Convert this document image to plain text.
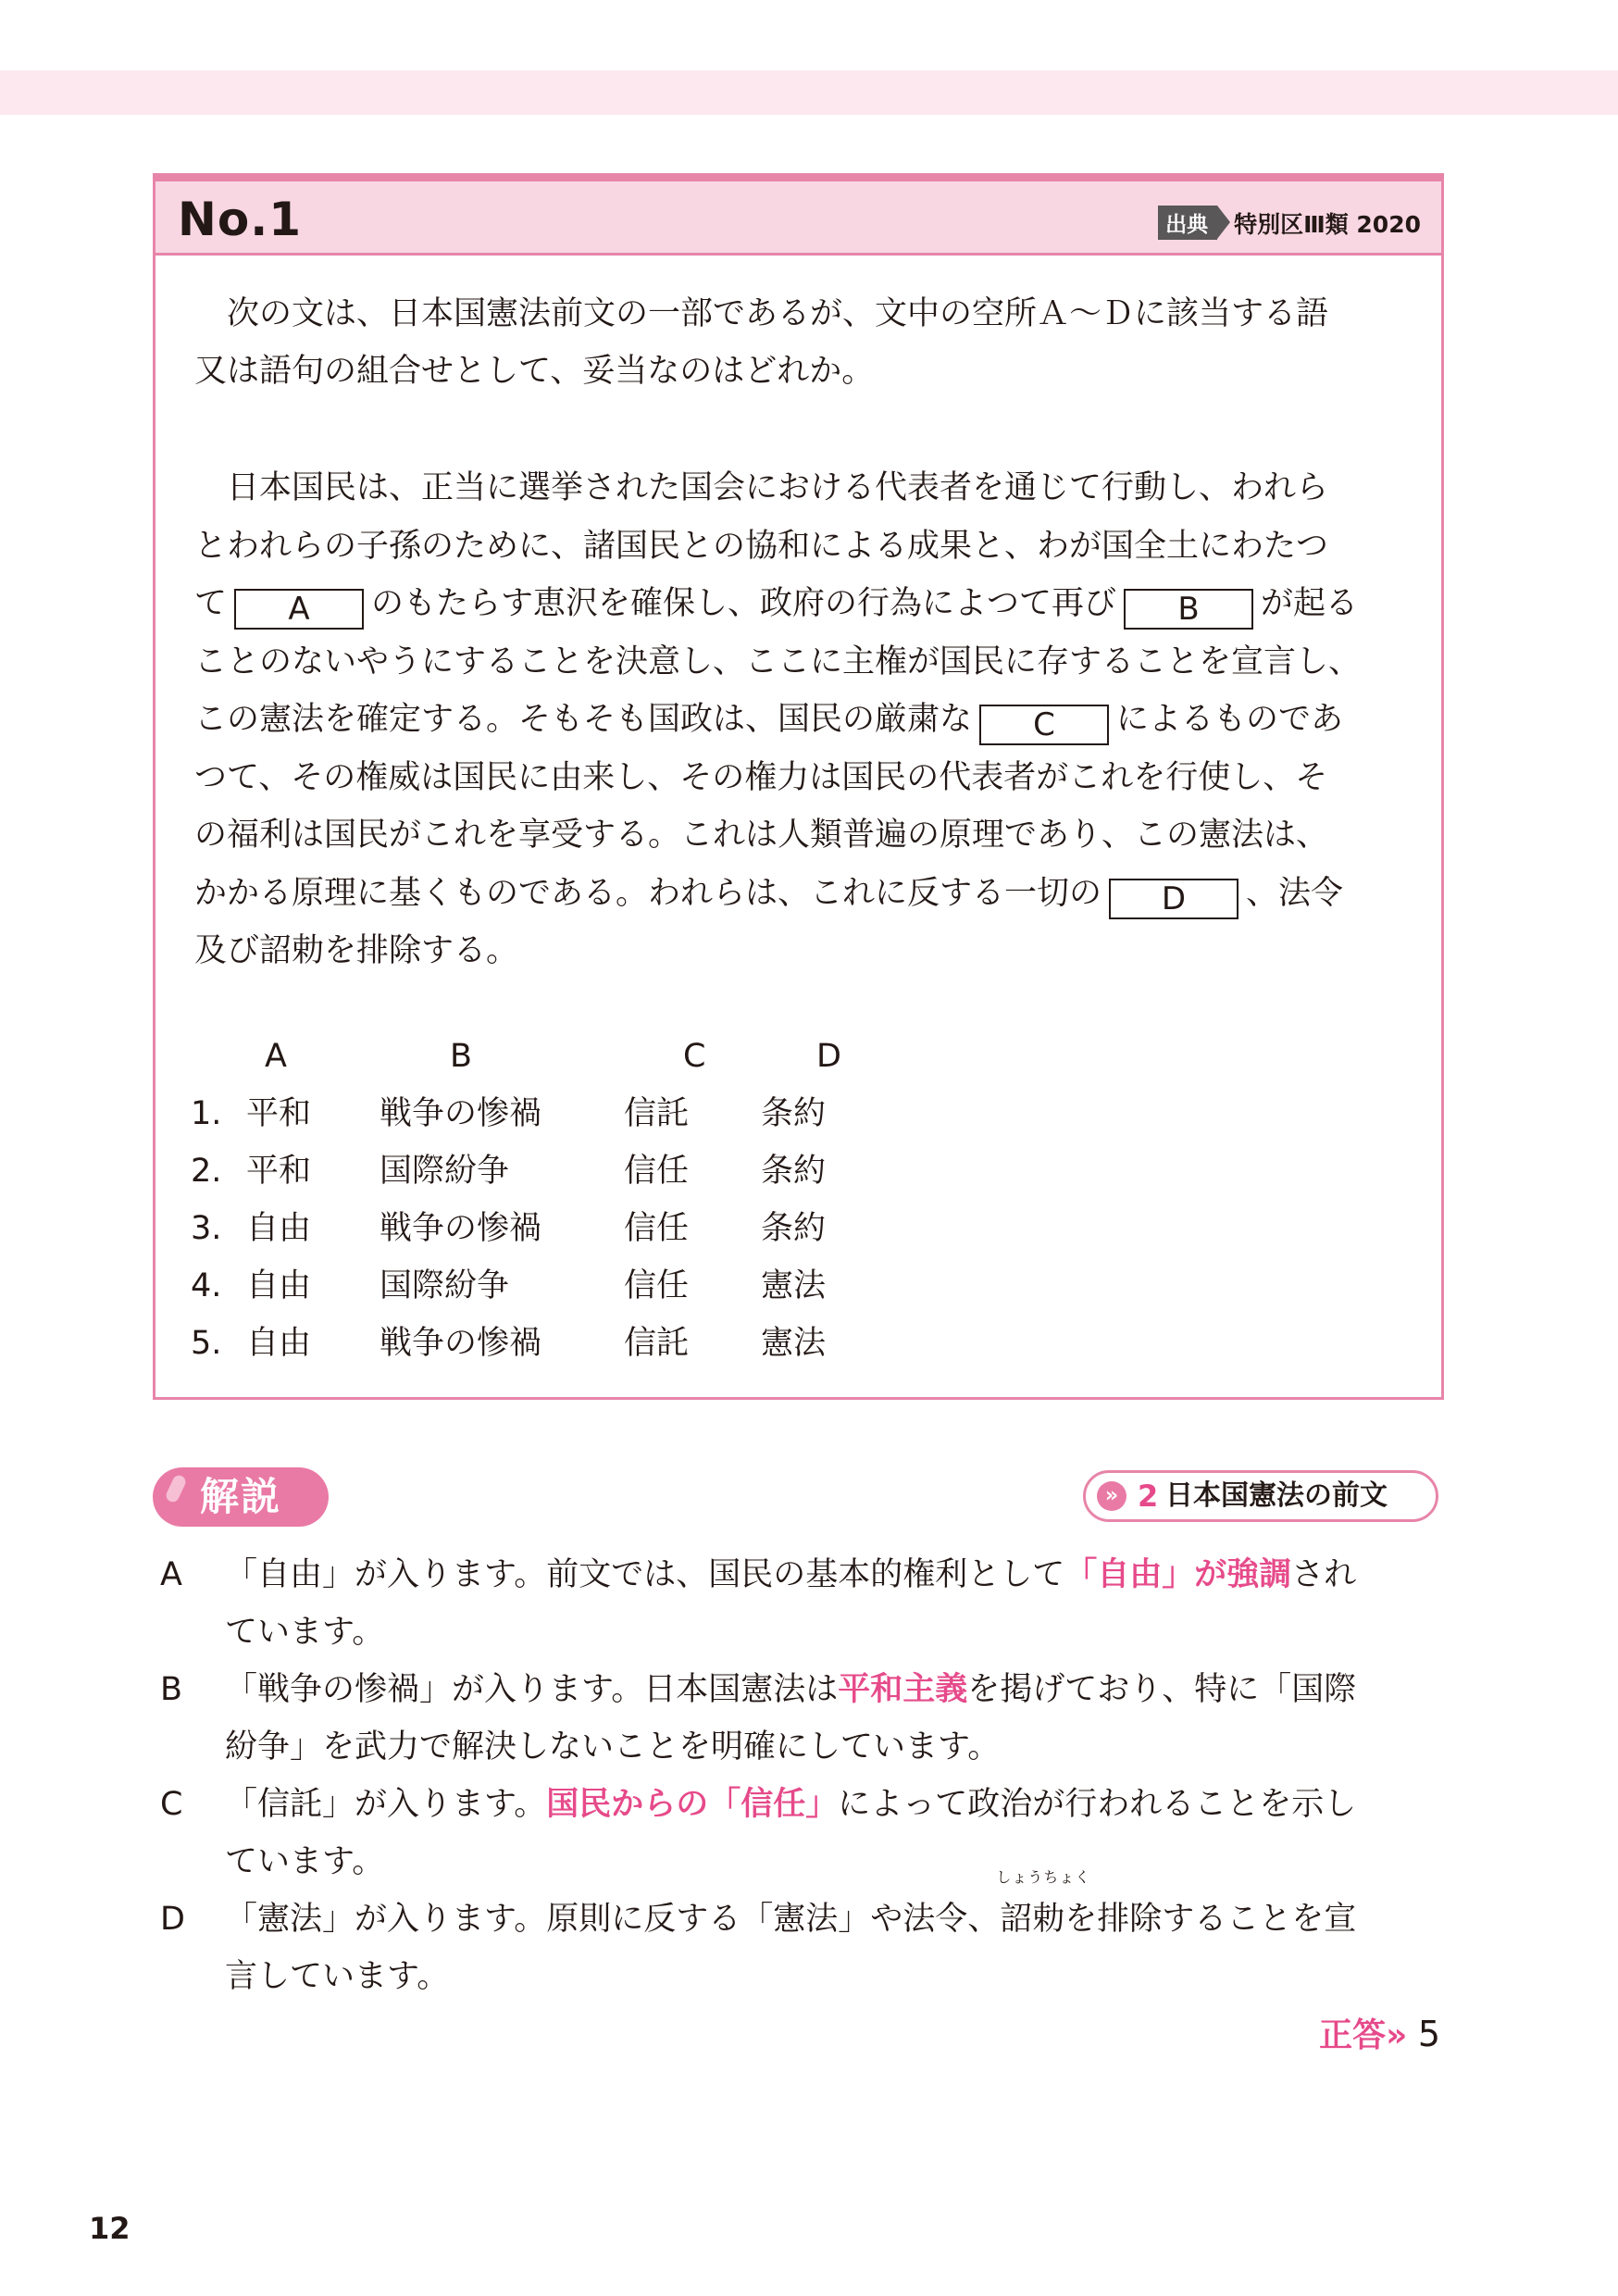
No.1	出典	特別区Ⅲ類 2020

次の文は、日本国憲法前文の一部であるが、文中の空所Ａ～Ｄに該当する語

又は語句の組合せとして、妥当なのはどれか。

日本国民は、正当に選挙された国会における代表者を通じて行動し、われら

とわれらの子孫のために、諸国民との協和による成果と、わが国全土にわたつ
て A のもたらす恵沢を確保し、政府の行為によつて再び B が起る
ことのないやうにすることを決意し、ここに主権が国民に存することを宣言し、
この憲法を確定する。そもそも国政は、国民の厳粛な C によるものであ
つて、その権威は国民に由来し、その権力は国民の代表者がこれを行使し、そ
の福利は国民がこれを享受する。これは人類普遍の原理であり、この憲法は、
かかる原理に基くものである。われらは、これに反する一切の D 、法令
及び詔勅を排除する。
A	B	C	D
1. 平和 戦争の惨禍	信託 条約
2. 平和 国際紛争	信任 条約
3. 自由 戦争の惨禍	信任 条約
4. 自由 国際紛争	信任 憲法
5. 自由 戦争の惨禍	信託 憲法
解説	» 2 日本国憲法の前文
A 「自由」が入ります。前文では、国民の基本的権利として「自由」が強調され
ています。
B 「戦争の惨禍」が入ります。日本国憲法は平和主義を掲げており、特に「国際
紛争」を武力で解決しないことを明確にしています。
C 「信託」が入ります。国民からの「信任」によって政治が行われることを示し
ています。
D 「憲法」が入ります。原則に反する「憲法」や法令、
しょうちょく
詔勅を排除することを宣
言しています。
正答» 5
12
